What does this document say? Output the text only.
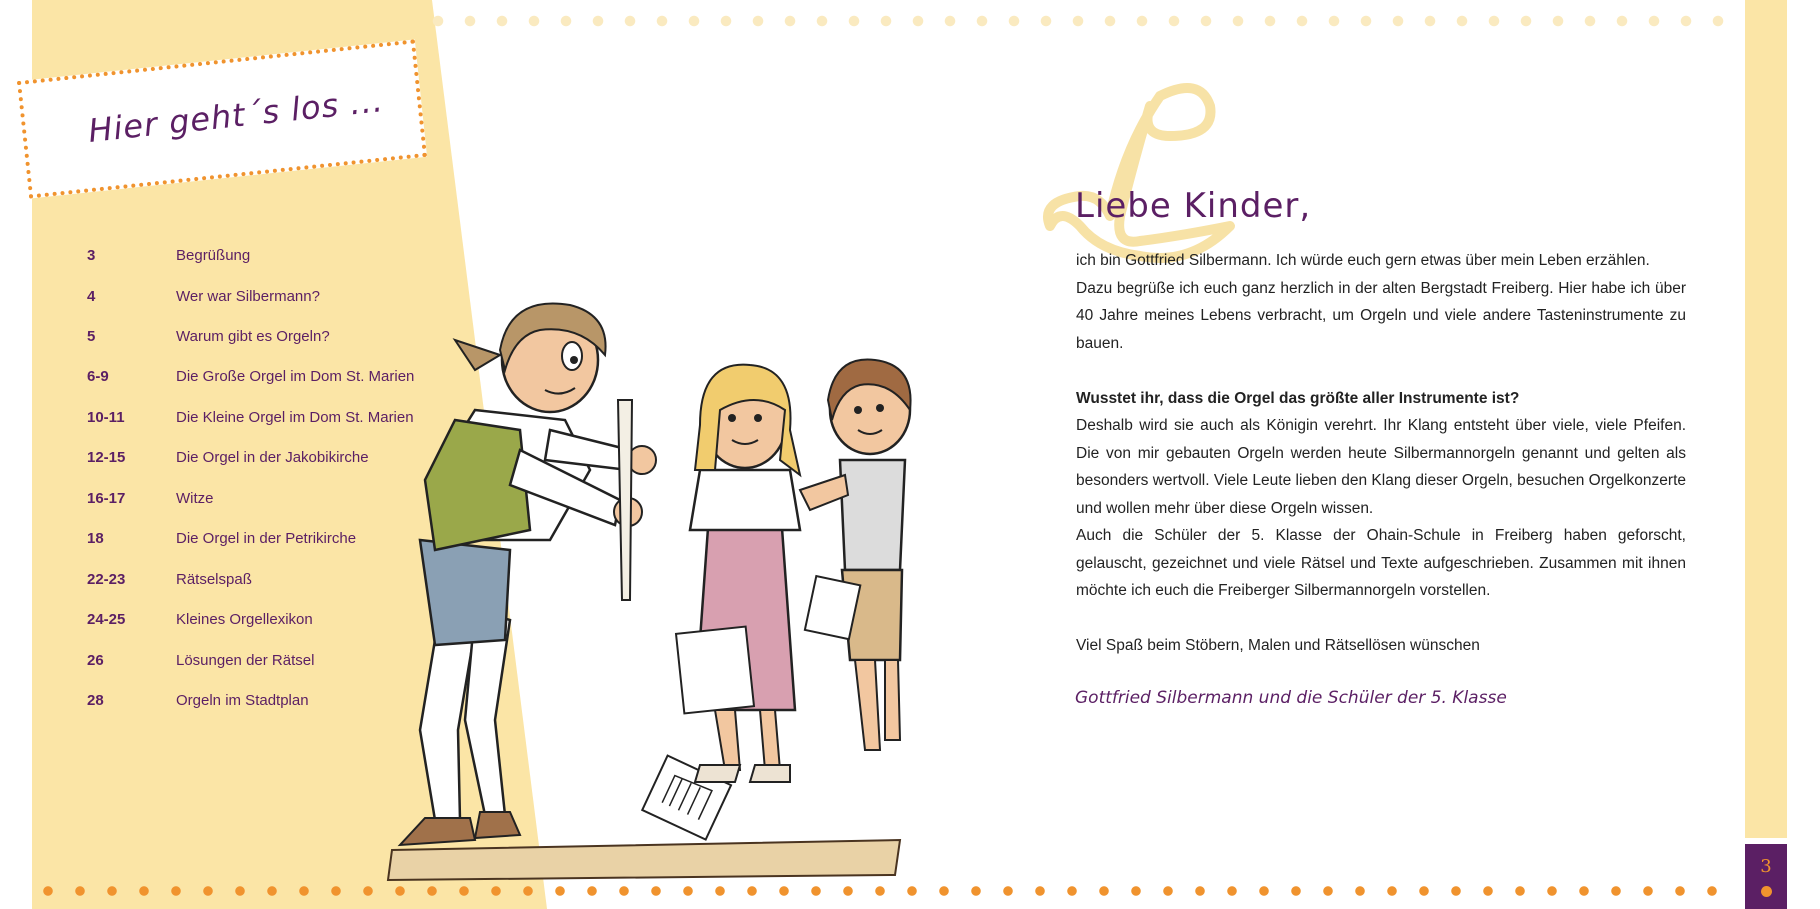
3
Hier geht´s los ...
3	Begrüßung
4	Wer war Silbermann?
5	Warum gibt es Orgeln?
6-9	Die Große Orgel im Dom St. Marien
10-11	Die Kleine Orgel im Dom St. Marien
12-15	Die Orgel in der Jakobikirche
16-17	Witze
18	Die Orgel in der Petrikirche
22-23	Rätselspaß
24-25	Kleines Orgellexikon
26	Lösungen der Rätsel
28	Orgeln im Stadtplan
Liebe Kinder,

ich bin Gottfried Silbermann. Ich würde euch gern etwas über mein Leben erzählen.

Dazu begrüße ich euch ganz herzlich in der alten Bergstadt Freiberg. Hier habe ich über 40 Jahre meines Lebens verbracht, um Orgeln und viele andere Tasteninstrumente zu bauen.

Wusstet ihr, dass die Orgel das größte aller Instrumente ist?

Deshalb wird sie auch als Königin verehrt. Ihr Klang entsteht über viele, viele Pfeifen. Die von mir gebauten Orgeln werden heute Silbermannorgeln genannt und gelten als besonders wertvoll. Viele Leute lieben den Klang dieser Orgeln, besuchen Orgelkonzerte und wollen mehr über diese Orgeln wissen.

Auch die Schüler der 5. Klasse der Ohain-Schule in Freiberg haben geforscht, gelauscht, gezeichnet und viele Rätsel und Texte aufgeschrieben. Zusammen mit ihnen möchte ich euch die Freiberger Silbermannorgeln vorstellen.

Viel Spaß beim Stöbern, Malen und Rätsellösen wünschen

Gottfried Silbermann und die Schüler der 5. Klasse
